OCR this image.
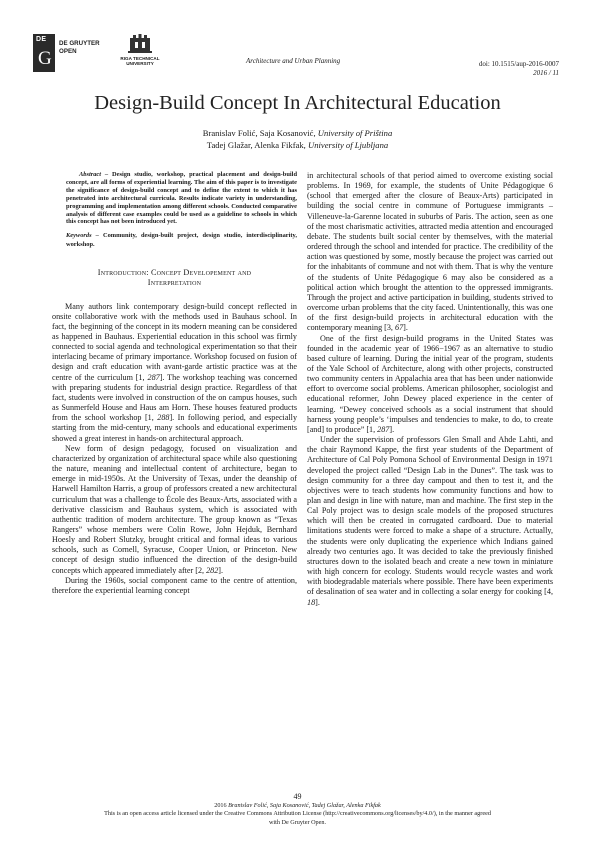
DE
G
DE GRUYTER
OPEN
RIGA TECHNICAL
UNIVERSITY	Architecture and Urban Planning	doi: 10.1515/aup-2016-0007
2016 / 11
Design-Build Concept In Architectural Education
Branislav Folić, Saja Kosanović, University of Priština
Tadej Glažar, Alenka Fikfak, University of Ljubljana

Abstract – Design studio, workshop, practical placement and design-build concept, are all forms of experiential learning. The aim of this paper is to investigate the significance of design-build concept and to define the extent to which it has penetrated into architectural curricula. Results indicate variety in understanding, programming and implementation among different schools. Conducted comparative analysis of different case examples could be used as a guideline to schools in which this concept has not been introduced yet.

Keywords – Community, design-built project, design studio, interdisciplinarity, workshop.

Introduction: Concept Developement and
Interpretation

Many authors link contemporary design-build concept reflected in onsite collaborative work with the methods used in Bauhaus school. In fact, the beginning of the concept in its modern meaning can be considered as happened in Bauhaus. Experiential education in this school was firmly connected to social agenda and technological experimentation so that their interlacing became of primary importance. Workshop focused on fusion of design and craft education with avant-garde artistic practice was at the centre of the curriculum [1, 287]. The workshop teaching was concerned with preparing students for industrial design practice. Regardless of that fact, students were involved in construction of the on campus houses, such as Sunmerfeld House and Haus am Horn. These houses featured products from the school workshop [1, 288]. In following period, and especially starting from the mid-century, many schools and educational experiments showed a great interest in hands-on architectural approach.

New form of design pedagogy, focused on visualization and characterized by organization of architectural space while also questioning the nature, meaning and intellectual content of architecture, began to emerge in mid-1950s. At the University of Texas, under the deanship of Harwell Hamilton Harris, a group of professors created a new architectural curriculum that was a challenge to École des Beaux-Arts, associated with a derivative classicism and Bauhaus system, which is associated with authentic tradition of modern architecture. The group known as “Texas Rangers” whose members were Colin Rowe, John Hejduk, Bernhard Hoesly and Robert Slutzky, brought critical and formal ideas to various schools, such as Cornell, Syracuse, Cooper Union, or Princeton. New concept of design studio influenced the direction of the design-build concepts which appeared immediately after [2, 282].

During the 1960s, social component came to the centre of attention, therefore the experiential learning concept

in architectural schools of that period aimed to overcome existing social problems. In 1969, for example, the students of Unite Pédagogique 6 (school that emerged after the closure of Beaux-Arts) participated in building the social centre in commune of Portuguese immigrants – Villeneuve-la-Garenne located in suburbs of Paris. The action, seen as one of the most charismatic activities, attracted media attention and encouraged debate. The students built social center by themselves, with the material ordered through the school and intended for practice. The credibility of the action was questioned by some, mostly because the project was carried out for the inhabitants of commune and not with them. That is why the venture of the students of Unite Pédagogique 6 may also be considered as a political action which brought the attention to the oppressed immigrants. Through the project and active participation in building, students strived to overcome urban problems that the city faced. Unintentionally, this was one of the first design-build projects in architectural education with the contemporary meaning [3, 67].

One of the first design-build programs in the United States was founded in the academic year of 1966−1967 as an alternative to studio based culture of learning. During the initial year of the program, students of the Yale School of Architecture, along with other projects, constructed two community centers in Appalachia area that has been under nationwide effort to overcome social problems. American philosopher, sociologist and educational reformer, John Dewey placed experience in the center of learning. “Dewey conceived schools as a social instrument that should harness young people’s ‘impulses and tendencies to make, to do, to create [and] to produce” [1, 287].

Under the supervision of professors Glen Small and Ahde Lahti, and the chair Raymond Kappe, the first year students of the Department of Architecture of Cal Poly Pomona School of Environmental Design in 1971 developed the project called “Design Lab in the Dunes”. The task was to design community for a three day campout and then to test it, and the objectives were to teach students how community functions and how to plan and design in line with nature, man and machine. The first step in the Cal Poly project was to design scale models of the proposed structures which will then be created in corrugated cardboard. Due to material limitations students were forced to make a shape of a structure. Actually, the students were only duplicating the experience which Indians gained already two centuries ago. It was decided to take the previously finished structures down to the isolated beach and create a new town in miniature with high concern for ecology. Students would recycle wastes and work with biodegradable materials where possible. There have been experiments of desalination of sea water and in collecting a solar energy for cooking [4, 18].

49
2016 Branislav Folić, Saja Kosanović, Tadej Glažar, Alenka Fikfak
This is an open access article licensed under the Creative Commons Attribution License (http://creativecommons.org/licenses/by/4.0/), in the manner agreed
with De Gruyter Open.
